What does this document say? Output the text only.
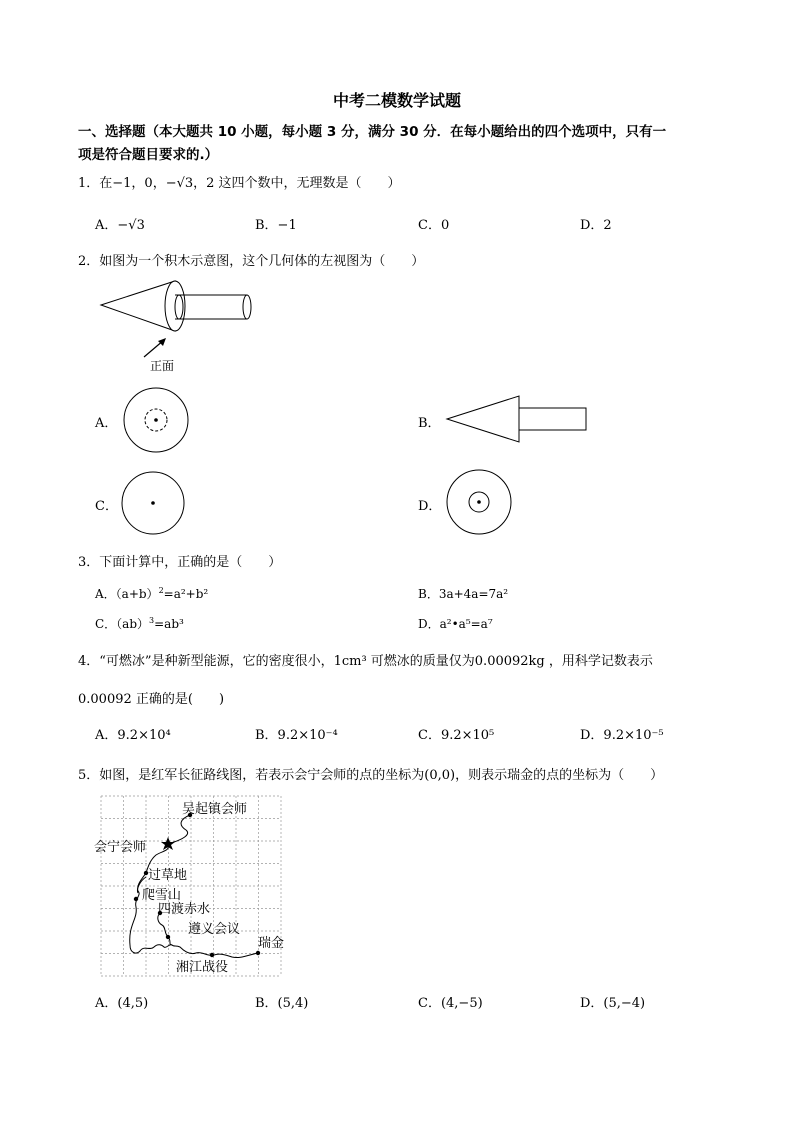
中考二模数学试题
一、选择题（本大题共 10 小题，每小题 3 分，满分 30 分．在每小题给出的四个选项中，只有一
项是符合题目要求的.）
1．在−1，0，−√3，2 这四个数中，无理数是（　　）
A．−√3	B．−1	C．0	D．2
2．如图为一个积木示意图，这个几何体的左视图为（　　）
正面
A．	B．
C．	D．
3．下面计算中，正确的是（　　）
A．$(a+b)^2=a^2+b^2$	B．3a+4a=7a²
C．（ab）$^3$=ab³	D．a²•a⁵=a⁷
4．“可燃冰”是种新型能源，它的密度很小，1cm³ 可燃冰的质量仅为0.00092kg ，用科学记数表示
0.00092 正确的是(　　)
A．9.2×10⁴	B．9.2×10⁻⁴	C．9.2×10⁵	D．9.2×10⁻⁵
5．如图，是红军长征路线图，若表示会宁会师的点的坐标为(0,0)，则表示瑞金的点的坐标为（　　）
吴起镇会师
会宁会师
过草地
爬雪山
四渡赤水
遵义会议
瑞金
湘江战役
A．(4,5)	B．(5,4)	C．(4,−5)	D．(5,−4)
